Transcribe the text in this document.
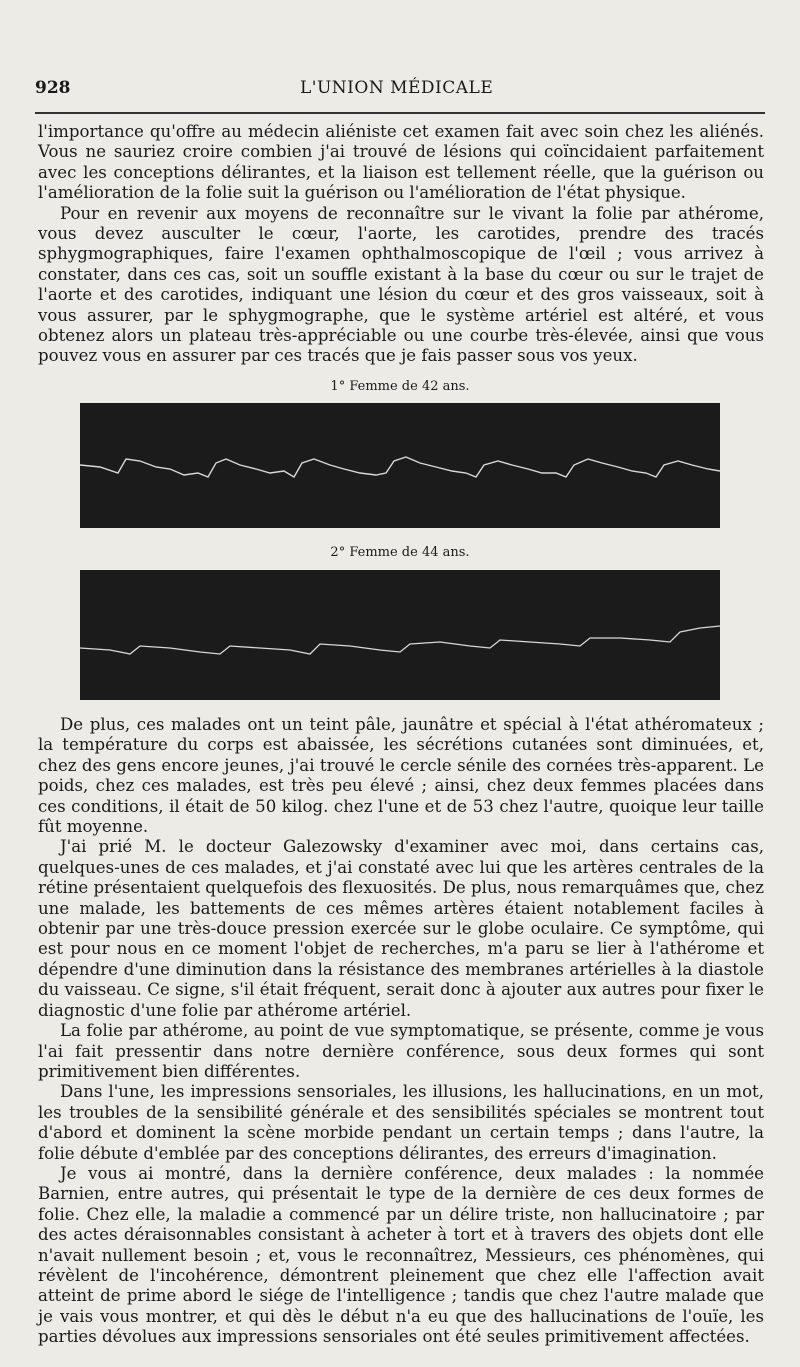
928	L'UNION MÉDICALE

l'importance qu'offre au médecin aliéniste cet examen fait avec soin chez les aliénés. Vous ne sauriez croire combien j'ai trouvé de lésions qui coïncidaient parfaitement avec les conceptions délirantes, et la liaison est tellement réelle, que la guérison ou l'amélioration de la folie suit la guérison ou l'amélioration de l'état physique.

Pour en revenir aux moyens de reconnaître sur le vivant la folie par athérome, vous devez ausculter le cœur, l'aorte, les carotides, prendre des tracés sphygmographiques, faire l'examen ophthalmoscopique de l'œil ; vous arrivez à constater, dans ces cas, soit un souffle existant à la base du cœur ou sur le trajet de l'aorte et des carotides, indiquant une lésion du cœur et des gros vaisseaux, soit à vous assurer, par le sphygmographe, que le système artériel est altéré, et vous obtenez alors un plateau très-appréciable ou une courbe très-élevée, ainsi que vous pouvez vous en assurer par ces tracés que je fais passer sous vos yeux.

1° Femme de 42 ans.
2° Femme de 44 ans.

De plus, ces malades ont un teint pâle, jaunâtre et spécial à l'état athéromateux ; la température du corps est abaissée, les sécrétions cutanées sont diminuées, et, chez des gens encore jeunes, j'ai trouvé le cercle sénile des cornées très-apparent. Le poids, chez ces malades, est très peu élevé ; ainsi, chez deux femmes placées dans ces conditions, il était de 50 kilog. chez l'une et de 53 chez l'autre, quoique leur taille fût moyenne.

J'ai prié M. le docteur Galezowsky d'examiner avec moi, dans certains cas, quelques-unes de ces malades, et j'ai constaté avec lui que les artères centrales de la rétine présentaient quelquefois des flexuosités. De plus, nous remarquâmes que, chez une malade, les battements de ces mêmes artères étaient notablement faciles à obtenir par une très-douce pression exercée sur le globe oculaire. Ce symptôme, qui est pour nous en ce moment l'objet de recherches, m'a paru se lier à l'athérome et dépendre d'une diminution dans la résistance des membranes artérielles à la diastole du vaisseau. Ce signe, s'il était fréquent, serait donc à ajouter aux autres pour fixer le diagnostic d'une folie par athérome artériel.

La folie par athérome, au point de vue symptomatique, se présente, comme je vous l'ai fait pressentir dans notre dernière conférence, sous deux formes qui sont primitivement bien différentes.

Dans l'une, les impressions sensoriales, les illusions, les hallucinations, en un mot, les troubles de la sensibilité générale et des sensibilités spéciales se montrent tout d'abord et dominent la scène morbide pendant un certain temps ; dans l'autre, la folie débute d'emblée par des conceptions délirantes, des erreurs d'imagination.

Je vous ai montré, dans la dernière conférence, deux malades : la nommée Barnien, entre autres, qui présentait le type de la dernière de ces deux formes de folie. Chez elle, la maladie a commencé par un délire triste, non hallucinatoire ; par des actes déraisonnables consistant à acheter à tort et à travers des objets dont elle n'avait nullement besoin ; et, vous le reconnaîtrez, Messieurs, ces phénomènes, qui révèlent de l'incohérence, démontrent pleinement que chez elle l'affection avait atteint de prime abord le siége de l'intelligence ; tandis que chez l'autre malade que je vais vous montrer, et qui dès le début n'a eu que des hallucinations de l'ouïe, les parties dévolues aux impressions sensoriales ont été seules primitivement affectées.
